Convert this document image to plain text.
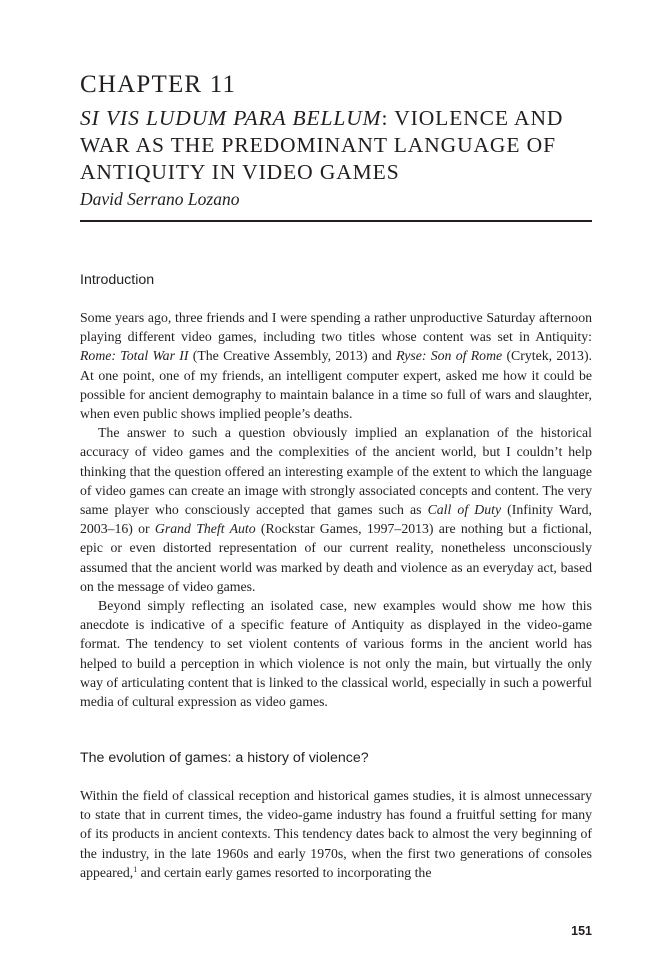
CHAPTER 11
SI VIS LUDUM PARA BELLUM: VIOLENCE AND WAR AS THE PREDOMINANT LANGUAGE OF ANTIQUITY IN VIDEO GAMES
David Serrano Lozano
Introduction

Some years ago, three friends and I were spending a rather unproductive Saturday afternoon playing different video games, including two titles whose content was set in Antiquity: Rome: Total War II (The Creative Assembly, 2013) and Ryse: Son of Rome (Crytek, 2013). At one point, one of my friends, an intelligent computer expert, asked me how it could be possible for ancient demography to maintain balance in a time so full of wars and slaughter, when even public shows implied people’s deaths.

The answer to such a question obviously implied an explanation of the historical accuracy of video games and the complexities of the ancient world, but I couldn’t help thinking that the question offered an interesting example of the extent to which the language of video games can create an image with strongly associated concepts and content. The very same player who consciously accepted that games such as Call of Duty (Infinity Ward, 2003–16) or Grand Theft Auto (Rockstar Games, 1997–2013) are nothing but a fictional, epic or even distorted representation of our current reality, nonetheless unconsciously assumed that the ancient world was marked by death and violence as an everyday act, based on the message of video games.

Beyond simply reflecting an isolated case, new examples would show me how this anecdote is indicative of a specific feature of Antiquity as displayed in the video-game format. The tendency to set violent contents of various forms in the ancient world has helped to build a perception in which violence is not only the main, but virtually the only way of articulating content that is linked to the classical world, especially in such a powerful media of cultural expression as video games.

The evolution of games: a history of violence?

Within the field of classical reception and historical games studies, it is almost unnecessary to state that in current times, the video-game industry has found a fruitful setting for many of its products in ancient contexts. This tendency dates back to almost the very beginning of the industry, in the late 1960s and early 1970s, when the first two generations of consoles appeared,$^1$ and certain early games resorted to incorporating the

151
